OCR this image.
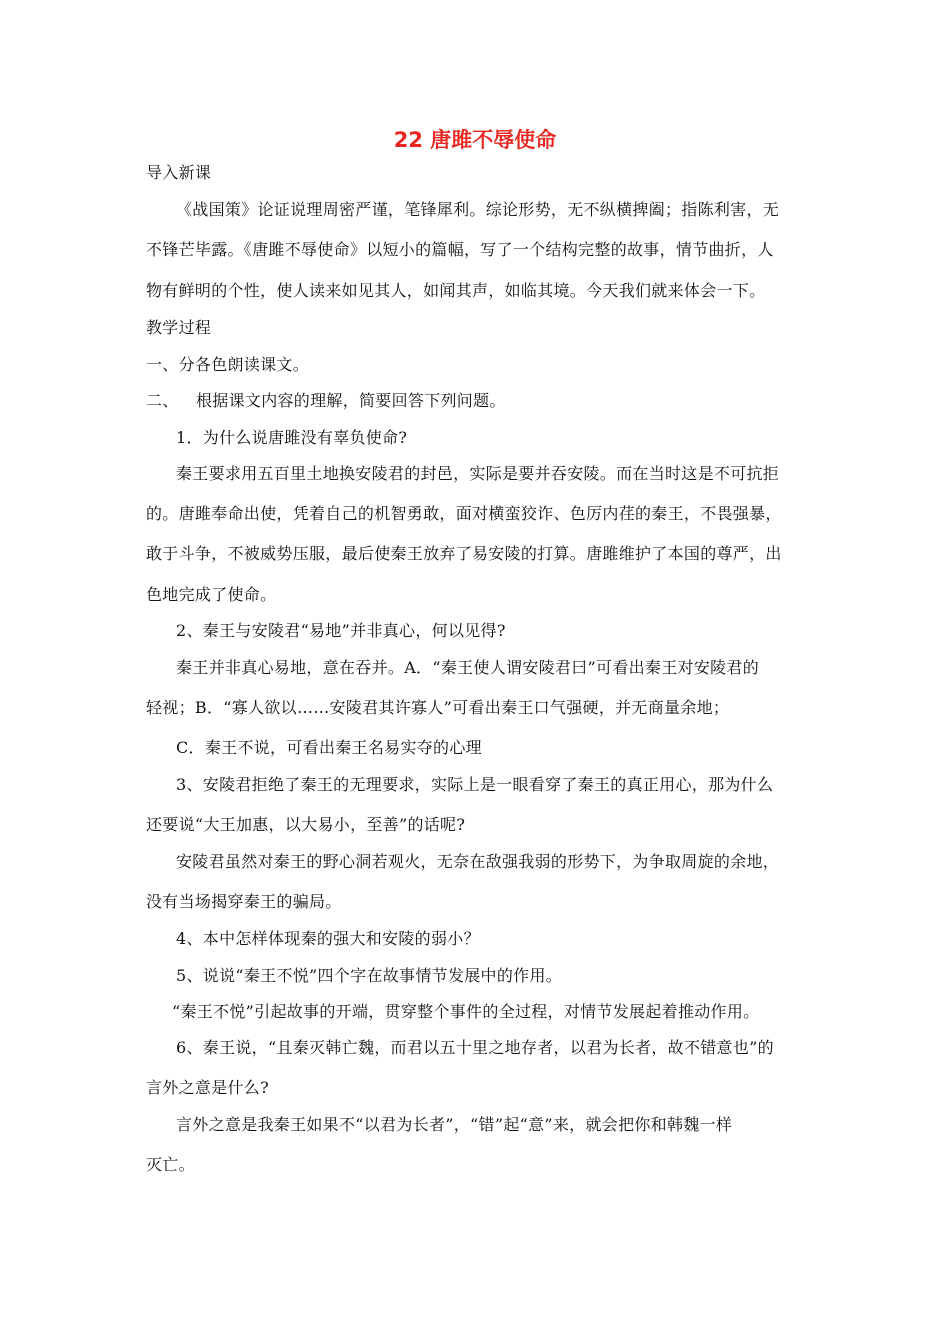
22 唐雎不辱使命
导入新课
《战国策》论证说理周密严谨，笔锋犀利。综论形势，无不纵横捭阖；指陈利害，无
不锋芒毕露。《唐雎不辱使命》以短小的篇幅，写了一个结构完整的故事，情节曲折，人
物有鲜明的个性，使人读来如见其人，如闻其声，如临其境。今天我们就来体会一下。
教学过程
一、分各色朗读课文。
二、 根据课文内容的理解，简要回答下列问题。
1．为什么说唐雎没有辜负使命?
秦王要求用五百里土地换安陵君的封邑，实际是要并吞安陵。而在当时这是不可抗拒
的。唐雎奉命出使，凭着自己的机智勇敢，面对横蛮狡诈、色厉内荏的秦王，不畏强暴，
敢于斗争，不被威势压服，最后使秦王放弃了易安陵的打算。唐雎维护了本国的尊严，出
色地完成了使命。
2、秦王与安陵君“易地”并非真心，何以见得?
秦王并非真心易地，意在吞并。A．“秦王使人谓安陵君曰”可看出秦王对安陵君的
轻视；B．“寡人欲以……安陵君其许寡人”可看出秦王口气强硬，并无商量余地；
C．秦王不说，可看出秦王名易实夺的心理
3、安陵君拒绝了秦王的无理要求，实际上是一眼看穿了秦王的真正用心，那为什么
还要说“大王加惠，以大易小，至善”的话呢?
安陵君虽然对秦王的野心洞若观火，无奈在敌强我弱的形势下，为争取周旋的余地，
没有当场揭穿秦王的骗局。
4、本中怎样体现秦的强大和安陵的弱小？
5、说说“秦王不悦”四个字在故事情节发展中的作用。
“秦王不悦”引起故事的开端，贯穿整个事件的全过程，对情节发展起着推动作用。
6、秦王说，“且秦灭韩亡魏，而君以五十里之地存者，以君为长者，故不错意也”的
言外之意是什么?
言外之意是我秦王如果不“以君为长者”，“错”起“意”来，就会把你和韩魏一样
灭亡。
